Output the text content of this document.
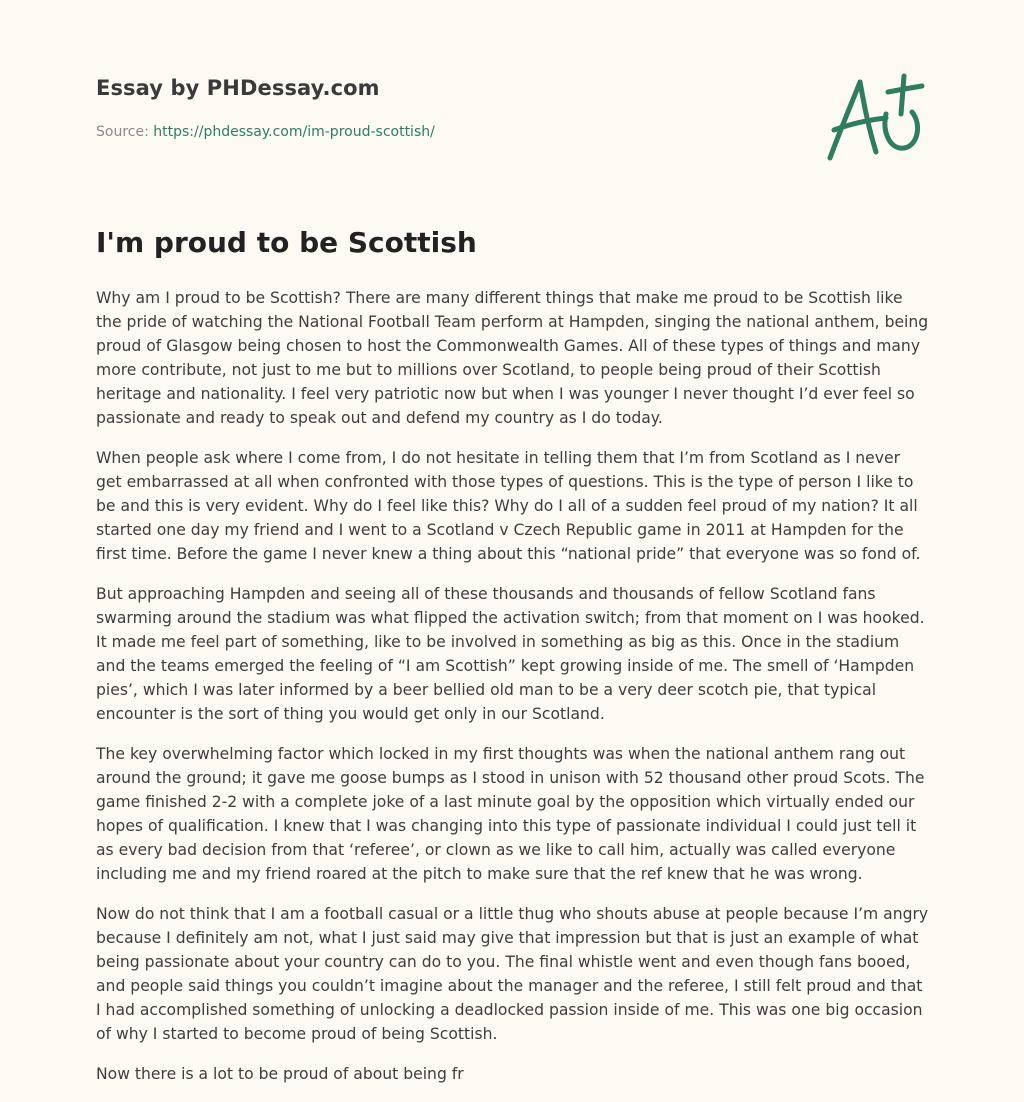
Essay by PHDessay.com
Source: https://phdessay.com/im-proud-scottish/
I'm proud to be Scottish

Why am I proud to be Scottish? There are many different things that make me proud to be Scottish like the pride of watching the National Football Team perform at Hampden, singing the national anthem, being proud of Glasgow being chosen to host the Commonwealth Games. All of these types of things and many more contribute, not just to me but to millions over Scotland, to people being proud of their Scottish heritage and nationality. I feel very patriotic now but when I was younger I never thought I’d ever feel so passionate and ready to speak out and defend my country as I do today.

When people ask where I come from, I do not hesitate in telling them that I’m from Scotland as I never get embarrassed at all when confronted with those types of questions. This is the type of person I like to be and this is very evident. Why do I feel like this? Why do I all of a sudden feel proud of my nation? It all started one day my friend and I went to a Scotland v Czech Republic game in 2011 at Hampden for the first time. Before the game I never knew a thing about this “national pride” that everyone was so fond of.

But approaching Hampden and seeing all of these thousands and thousands of fellow Scotland fans swarming around the stadium was what flipped the activation switch; from that moment on I was hooked. It made me feel part of something, like to be involved in something as big as this. Once in the stadium and the teams emerged the feeling of “I am Scottish” kept growing inside of me. The smell of ‘Hampden pies’, which I was later informed by a beer bellied old man to be a very deer scotch pie, that typical encounter is the sort of thing you would get only in our Scotland.

The key overwhelming factor which locked in my first thoughts was when the national anthem rang out around the ground; it gave me goose bumps as I stood in unison with 52 thousand other proud Scots. The game finished 2-2 with a complete joke of a last minute goal by the opposition which virtually ended our hopes of qualification. I knew that I was changing into this type of passionate individual I could just tell it as every bad decision from that ‘referee’, or clown as we like to call him, actually was called everyone including me and my friend roared at the pitch to make sure that the ref knew that he was wrong.

Now do not think that I am a football casual or a little thug who shouts abuse at people because I’m angry because I definitely am not, what I just said may give that impression but that is just an example of what being passionate about your country can do to you. The final whistle went and even though fans booed, and people said things you couldn’t imagine about the manager and the referee, I still felt proud and that I had accomplished something of unlocking a deadlocked passion inside of me. This was one big occasion of why I started to become proud of being Scottish.

Now there is a lot to be proud of about being fr
